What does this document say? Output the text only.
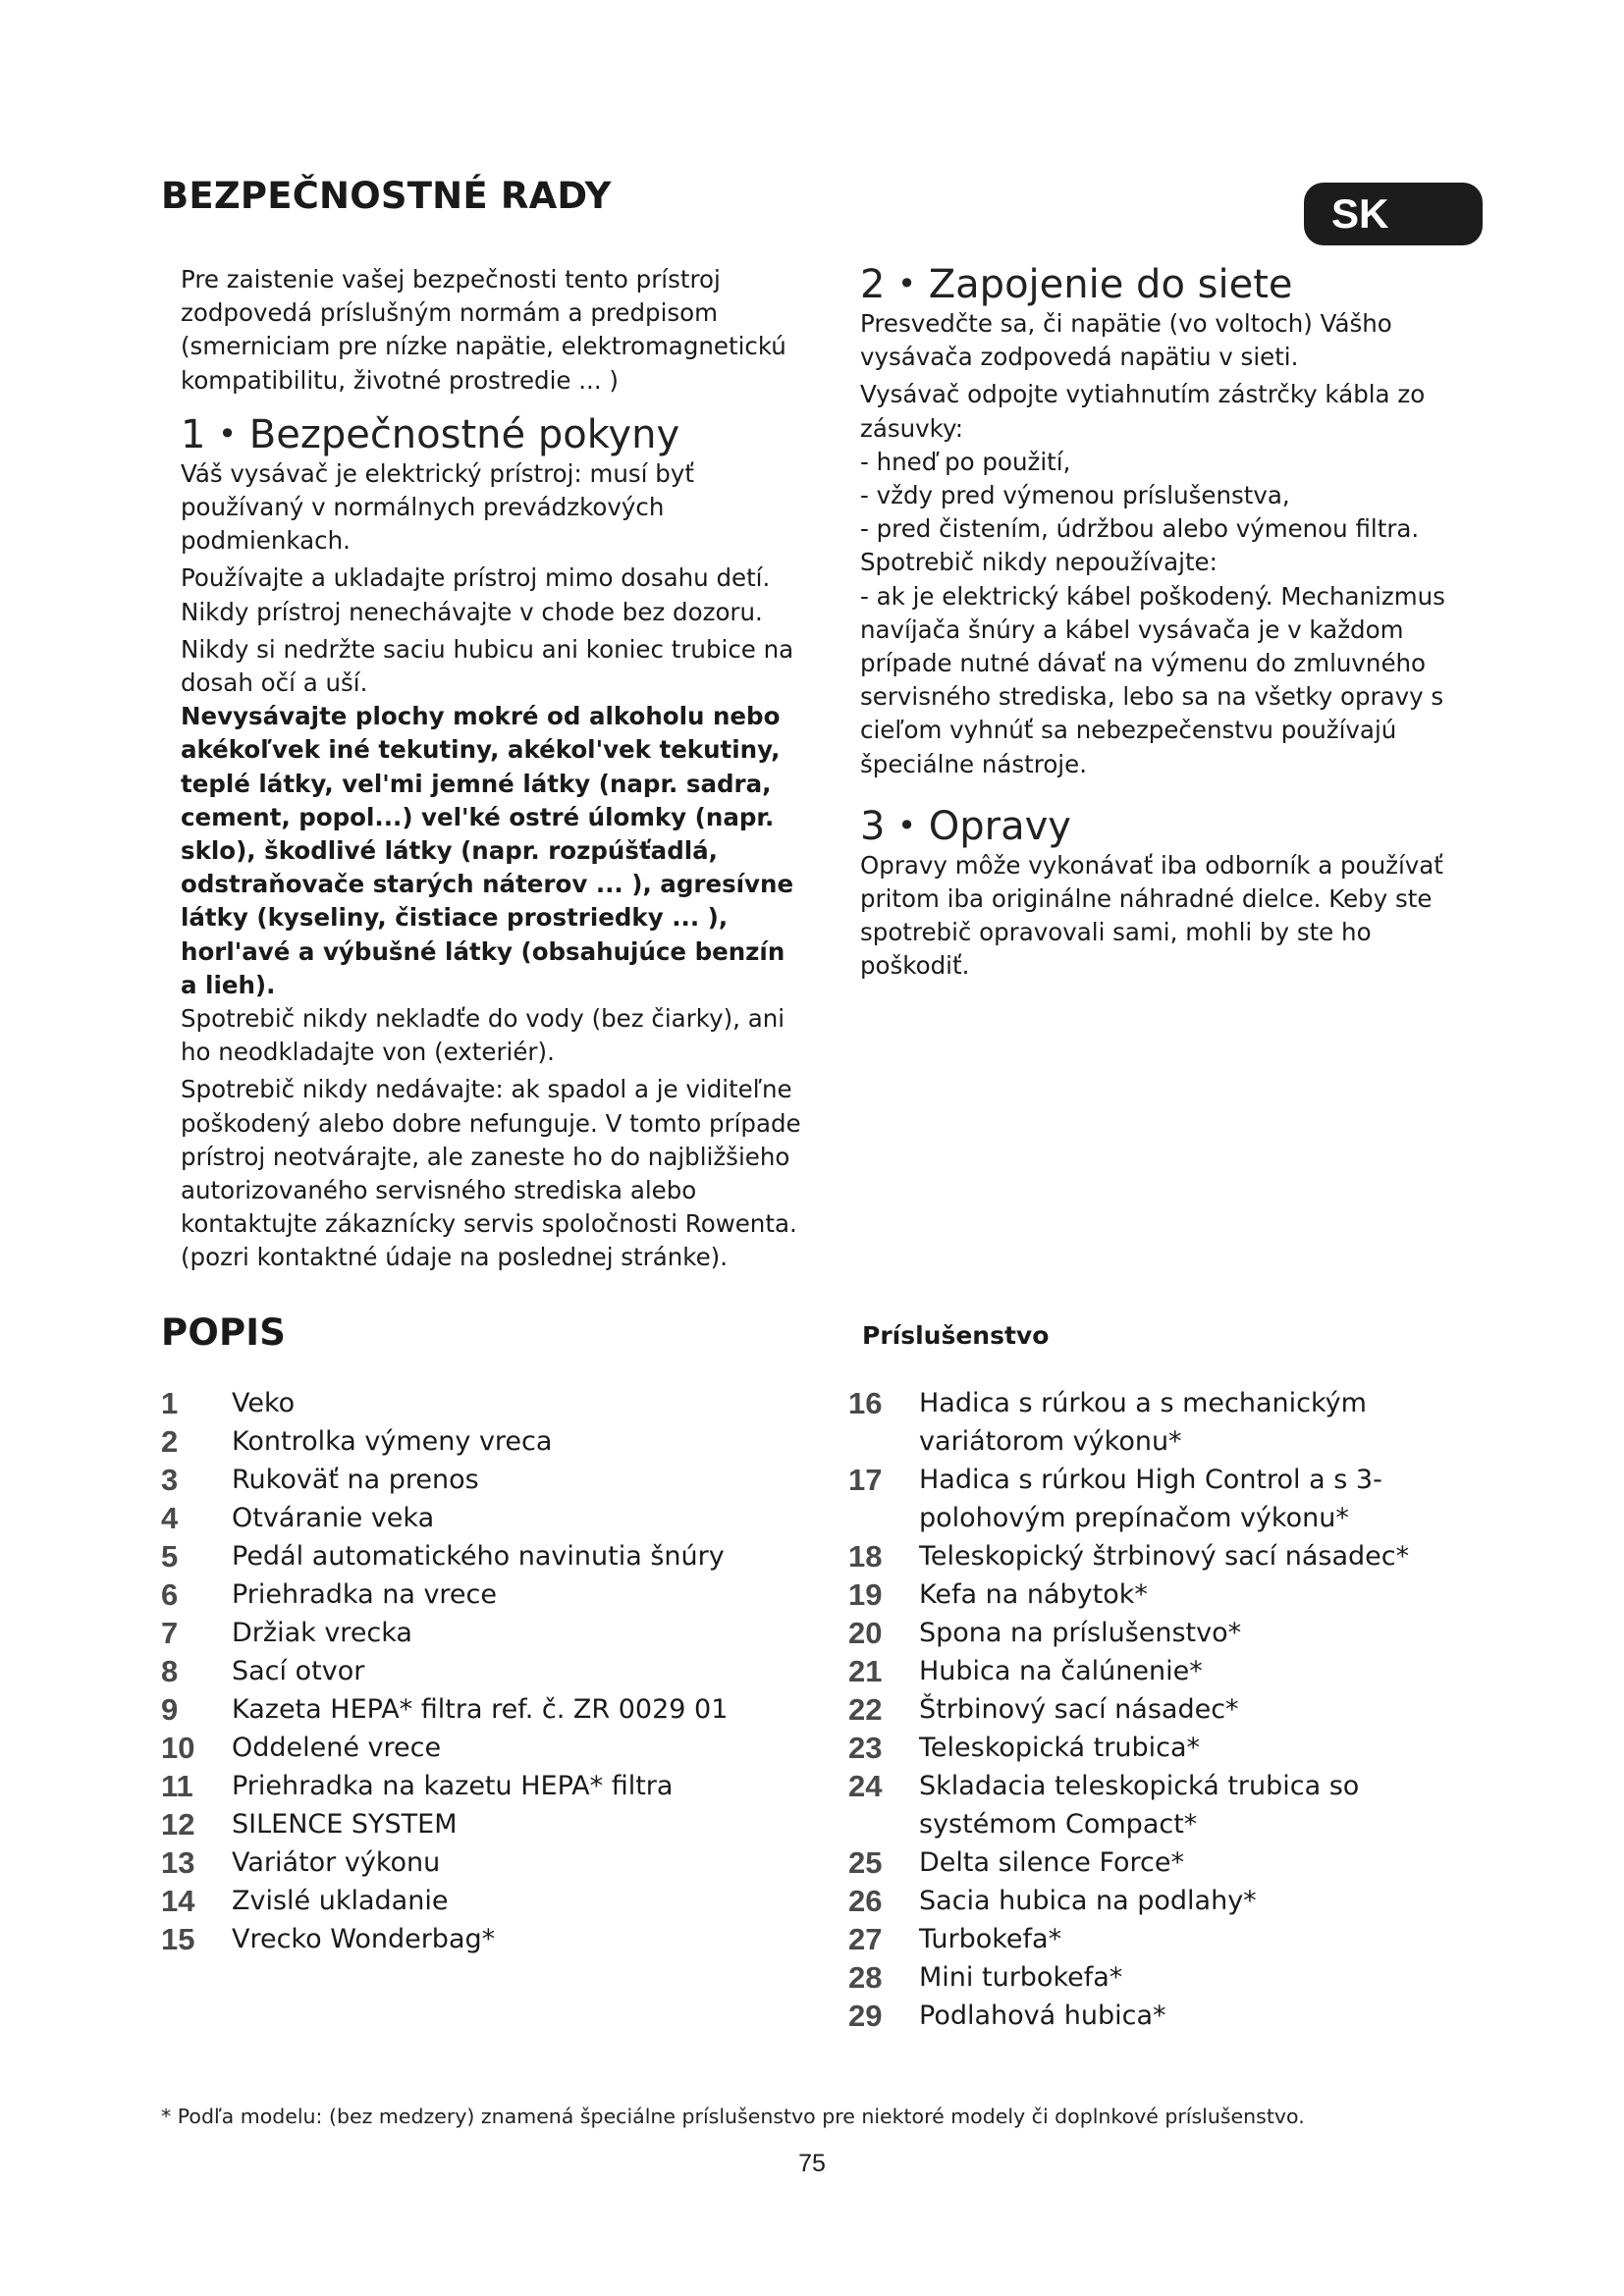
BEZPEČNOSTNÉ RADY	SK

Pre zaistenie vašej bezpečnosti tento prístroj zodpovedá príslušným normám a predpisom (smerniciam pre nízke napätie, elektromagnetickú kompatibilitu, životné prostredie ... )

1 • Bezpečnostné pokyny

Váš vysávač je elektrický prístroj: musí byť používaný v normálnych prevádzkových podmienkach.

Používajte a ukladajte prístroj mimo dosahu detí.

Nikdy prístroj nenechávajte v chode bez dozoru.

Nikdy si nedržte saciu hubicu ani koniec trubice na dosah očí a uší.

Nevysávajte plochy mokré od alkoholu nebo akékoľvek iné tekutiny, akékol'vek tekutiny, teplé látky, vel'mi jemné látky (napr. sadra, cement, popol...) vel'ké ostré úlomky (napr. sklo), škodlivé látky (napr. rozpúšťadlá, odstraňovače starých náterov ... ), agresívne látky (kyseliny, čistiace prostriedky ... ), horl'avé a výbušné látky (obsahujúce benzín a lieh).

Spotrebič nikdy nekladťe do vody (bez čiarky), ani ho neodkladajte von (exteriér).

Spotrebič nikdy nedávajte: ak spadol a je viditeľne poškodený alebo dobre nefunguje. V tomto prípade prístroj neotvárajte, ale zaneste ho do najbližšieho autorizovaného servisného strediska alebo kontaktujte zákaznícky servis spoločnosti Rowenta. (pozri kontaktné údaje na poslednej stránke).

2 • Zapojenie do siete

Presvedčte sa, či napätie (vo voltoch) Vášho vysávača zodpovedá napätiu v sieti.

Vysávač odpojte vytiahnutím zástrčky kábla zo zásuvky:

- hneď po použití,

- vždy pred výmenou príslušenstva,

- pred čistením, údržbou alebo výmenou filtra.

Spotrebič nikdy nepoužívajte:

- ak je elektrický kábel poškodený. Mechanizmus navíjača šnúry a kábel vysávača je v každom prípade nutné dávať na výmenu do zmluvného servisného strediska, lebo sa na všetky opravy s cieľom vyhnúť sa nebezpečenstvu používajú špeciálne nástroje.

3 • Opravy

Opravy môže vykonávať iba odborník a používať pritom iba originálne náhradné dielce. Keby ste spotrebič opravovali sami, mohli by ste ho poškodiť.

POPIS	Príslušenstvo
1	Veko
2	Kontrolka výmeny vreca
3	Rukoväť na prenos
4	Otváranie veka
5	Pedál automatického navinutia šnúry
6	Priehradka na vrece
7	Držiak vrecka
8	Sací otvor
9	Kazeta HEPA* filtra ref. č. ZR 0029 01
10	Oddelené vrece
11	Priehradka na kazetu HEPA* filtra
12	SILENCE SYSTEM
13	Variátor výkonu
14	Zvislé ukladanie
15	Vrecko Wonderbag*
16	Hadica s rúrkou a s mechanickým variátorom výkonu*
17	Hadica s rúrkou High Control a s 3-polohovým prepínačom výkonu*
18	Teleskopický štrbinový sací násadec*
19	Kefa na nábytok*
20	Spona na príslušenstvo*
21	Hubica na čalúnenie*
22	Štrbinový sací násadec*
23	Teleskopická trubica*
24	Skladacia teleskopická trubica so systémom Compact*
25	Delta silence Force*
26	Sacia hubica na podlahy*
27	Turbokefa*
28	Mini turbokefa*
29	Podlahová hubica*

* Podľa modelu: (bez medzery) znamená špeciálne príslušenstvo pre niektoré modely či doplnkové príslušenstvo.

75
